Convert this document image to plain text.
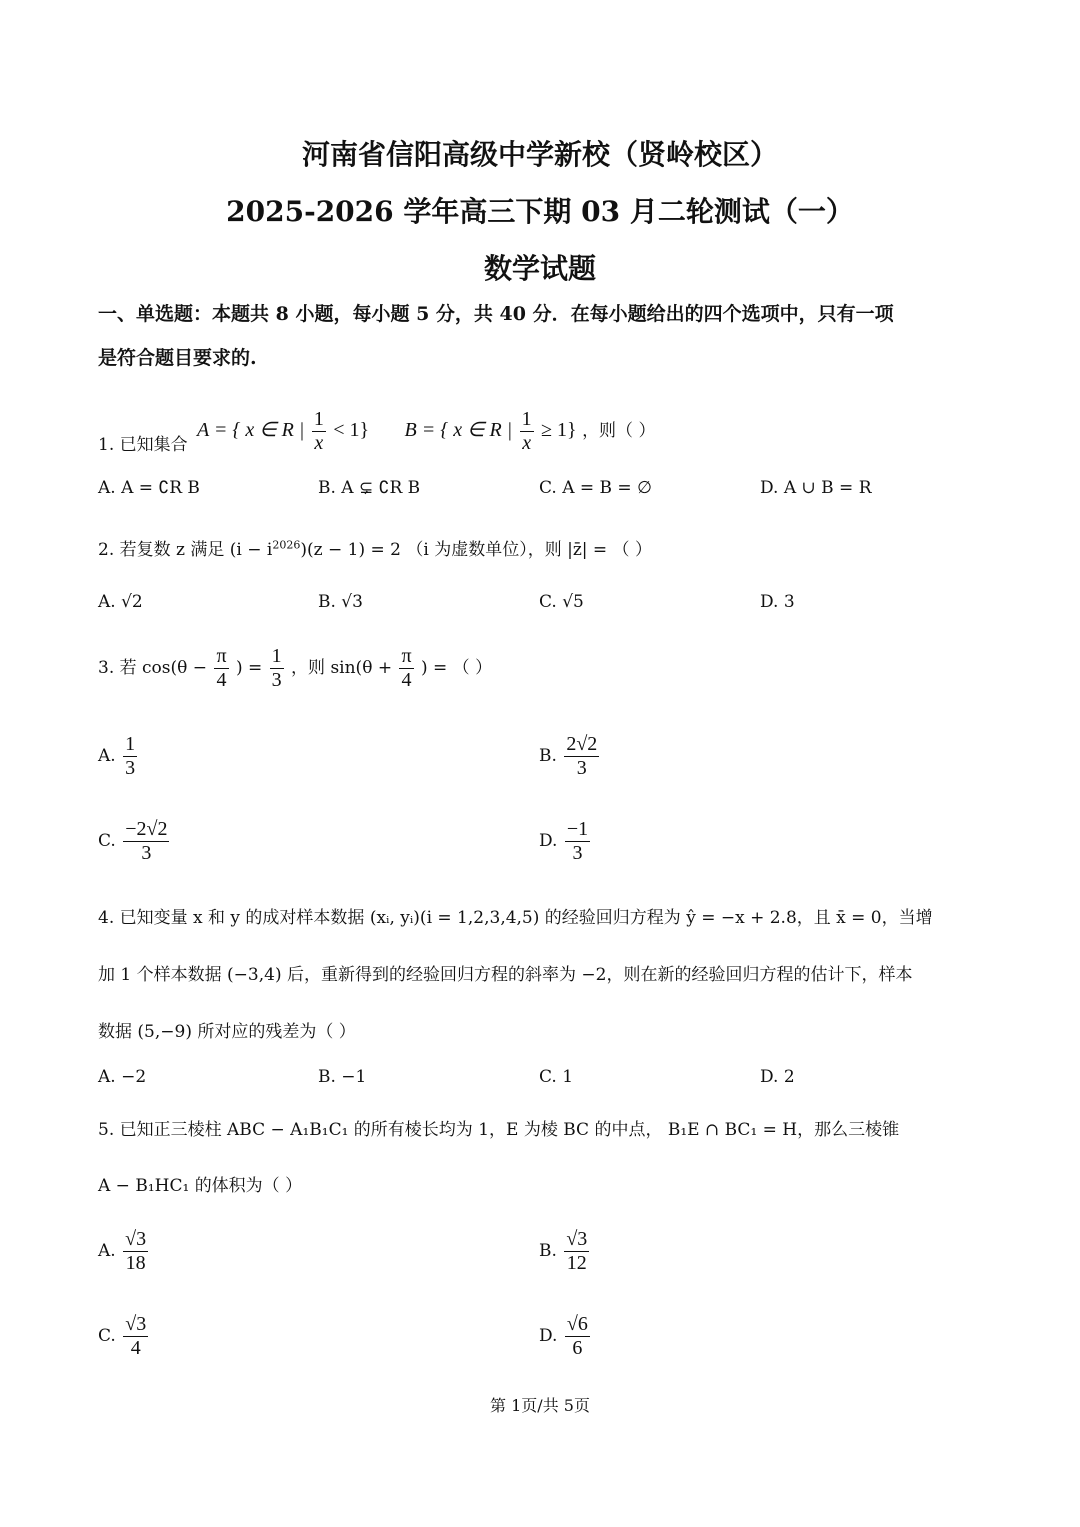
河南省信阳高级中学新校（贤岭校区）
2025-2026 学年高三下期 03 月二轮测试（一）
数学试题
一、单选题：本题共 8 小题，每小题 5 分，共 40 分．在每小题给出的四个选项中，只有一项
是符合题目要求的.
1. 已知集合 A = { x ∈ R | $\frac{1}{x} < 1$} B = { x ∈ R | $\frac{1}{x} \ge 1$} ，则（ ）
A. A = ∁R B	B. A ⊊ ∁R B	C. A = B = ∅	D. A ∪ B = R
2. 若复数 z 满足 $(i - i^{2026})(z - 1) = 2$ （i 为虚数单位），则 |z̄| = （ ）
A. √2	B. √3	C. √5	D. 3
3. 若 $\cos(\theta - \frac{\pi}{4}$ ) = $\frac{1}{3}$ ，则 $\sin(\theta + \frac{\pi}{4}$ ) = （ ）
A. $\frac{1}{3}$	B. $\frac{2√2}{3}$
C. $\frac{-2√2}{3}$	D. $\frac{-1}{3}$
4. 已知变量 x 和 y 的成对样本数据 (xᵢ, yᵢ)(i = 1,2,3,4,5) 的经验回归方程为 ŷ = −x + 2.8，且 x̄ = 0，当增
加 1 个样本数据 (−3,4) 后，重新得到的经验回归方程的斜率为 −2，则在新的经验回归方程的估计下，样本
数据 (5,−9) 所对应的残差为（ ）
A. −2	B. −1	C. 1	D. 2
5. 已知正三棱柱 ABC − A₁B₁C₁ 的所有棱长均为 1，E 为棱 BC 的中点， B₁E ∩ BC₁ = H，那么三棱锥
A − B₁HC₁ 的体积为（ ）
A. $\frac{√3}{18}$	B. $\frac{√3}{12}$
C. $\frac{√3}{4}$	D. $\frac{√6}{6}$
第 1页/共 5页
